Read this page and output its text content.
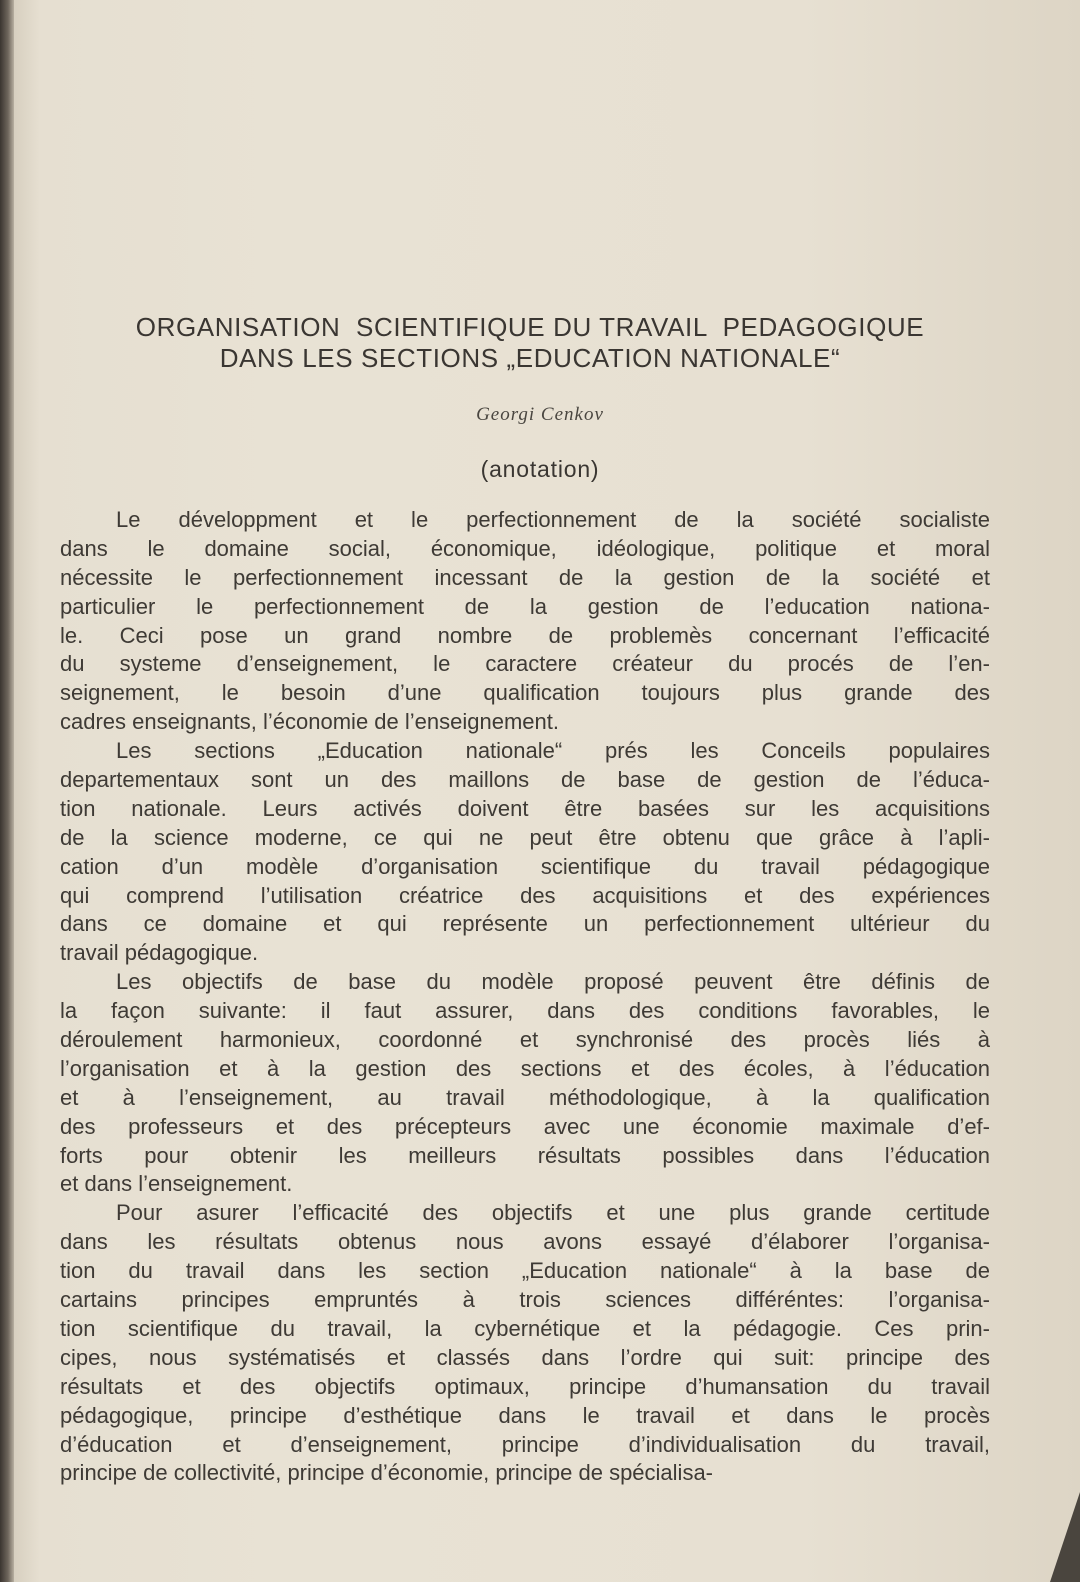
ORGANISATION  SCIENTIFIQUE DU TRAVAIL  PEDAGOGIQUE
DANS LES SECTIONS „EDUCATION NATIONALE“
Georgi Cenkov
(anotation)
Le développment et le perfectionnement de la société socialiste
dans le domaine social, économique, idéologique, politique et moral
nécessite le perfectionnement incessant de la gestion de la société et
particulier le perfectionnement de la gestion de l’education nationa-
le. Ceci pose un grand nombre de problemès concernant l’efficacité
du systeme d’enseignement, le caractere créateur du procés de l’en-
seignement, le besoin d’une qualification toujours plus grande des
cadres enseignants, l’économie de l’enseignement.
Les sections „Education nationale“ prés les Conceils populaires
departementaux sont un des maillons de base de gestion de l’éduca-
tion nationale. Leurs activés doivent être basées sur les acquisitions
de la science moderne, ce qui ne peut être obtenu que grâce à l’apli-
cation d’un modèle d’organisation scientifique du travail pédagogique
qui comprend l’utilisation créatrice des acquisitions et des expériences
dans ce domaine et qui représente un perfectionnement ultérieur du
travail pédagogique.
Les objectifs de base du modèle proposé peuvent être définis de
la façon suivante: il faut assurer, dans des conditions favorables, le
déroulement harmonieux, coordonné et synchronisé des procès liés à
l’organisation et à la gestion des sections et des écoles, à l’éducation
et à l’enseignement, au travail méthodologique, à la qualification
des professeurs et des précepteurs avec une économie maximale d’ef-
forts pour obtenir les meilleurs résultats possibles dans l’éducation
et dans l’enseignement.
Pour asurer l’efficacité des objectifs et une plus grande certitude
dans les résultats obtenus nous avons essayé d’élaborer l’organisa-
tion du travail dans les section „Education nationale“ à la base de
cartains principes empruntés à trois sciences différéntes: l’organisa-
tion scientifique du travail, la cybernétique et la pédagogie. Ces prin-
cipes, nous systématisés et classés dans l’ordre qui suit: principe des
résultats et des objectifs optimaux, principe d’humansation du travail
pédagogique, principe d’esthétique dans le travail et dans le procès
d’éducation et d’enseignement, principe d’individualisation du travail,
principe de collectivité, principe d’économie, principe de spécialisa-
